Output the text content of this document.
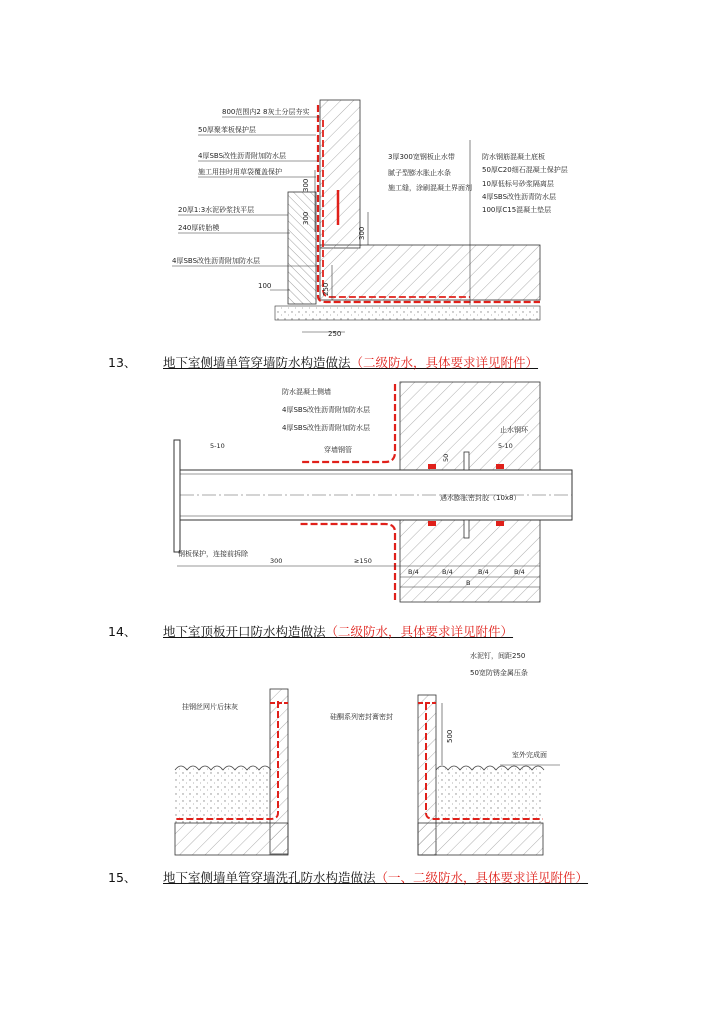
300
300
300
100	250
250
800范围内2 8灰土分层夯实
50厚聚苯板保护层
4厚SBS改性沥青附加防水层
施工用挂时用草袋覆盖保护
20厚1:3水泥砂浆找平层
240厚砖胎模
4厚SBS改性沥青附加防水层
3厚300宽钢板止水带
腻子型膨水胀止水条
施工缝，涂刷混凝土界面剂
防水钢筋混凝土底板
50厚C20细石混凝土保护层
10厚低标号砂浆隔离层
4厚SBS改性沥青防水层
100厚C15混凝土垫层
13、 地下室侧墙单管穿墙防水构造做法（二级防水，具体要求详见附件）
防水混凝土侧墙
4厚SBS改性沥青附加防水层
4厚SBS改性沥青附加防水层
穿墙钢管
止水钢环
遇水膨胀密封胶（10x8）
钢板保护，连接前拆除
5-10	5-10
50
300	≥150
B/4	B/4	B/4	B/4
B
14、 地下室顶板开口防水构造做法（二级防水，具体要求详见附件）
挂钢丝网片后抹灰
水泥钉，间距250
50宽防锈金属压条
硅酮系列密封膏密封
室外完成面
500
15、 地下室侧墙单管穿墙洗孔防水构造做法（一、二级防水，具体要求详见附件）
